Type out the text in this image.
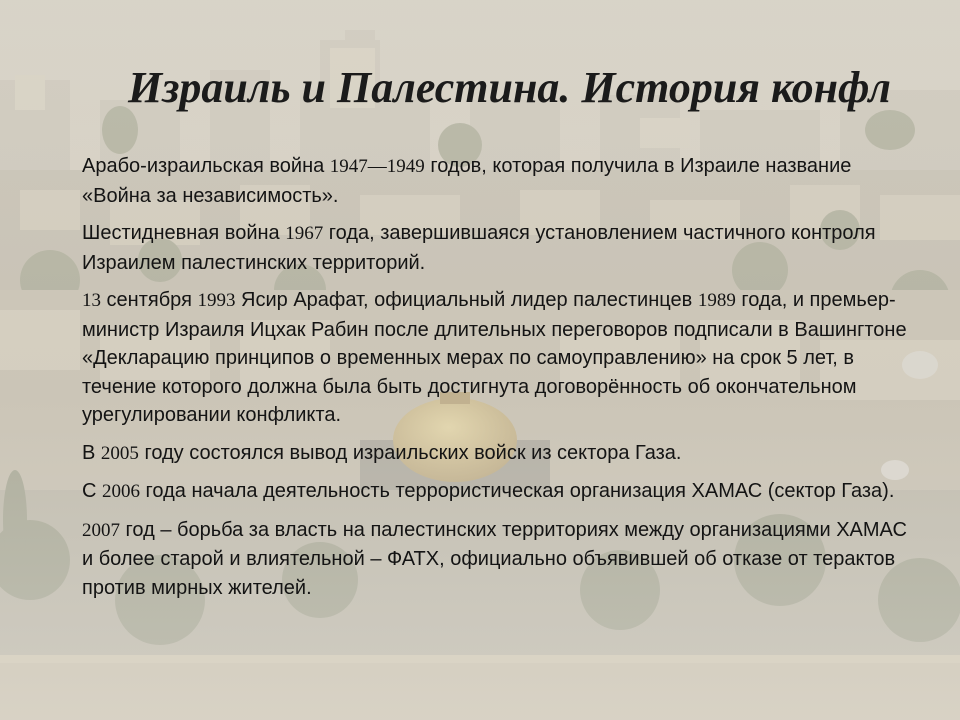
Израиль и Палестина. История конфл
Арабо-израильская война 1947—1949 годов, которая получила в Израиле название «Война за независимость».
Шестидневная война 1967 года, завершившаяся установлением частичного контроля Израилем палестинских территорий.
13 сентября 1993 Ясир Арафат, официальный лидер палестинцев 1989 года, и премьер-министр Израиля Ицхак Рабин после длительных переговоров подписали в Вашингтоне «Декларацию принципов о временных мерах по самоуправлению» на срок 5 лет, в течение которого должна была быть достигнута договорённость об окончательном урегулировании конфликта.
В 2005 году состоялся вывод израильских войск из сектора Газа.
С 2006 года начала деятельность террористическая организация ХАМАС (сектор Газа).
2007 год – борьба за власть на палестинских территориях между организациями ХАМАС и более старой и влиятельной – ФАТХ, официально объявившей об отказе от терактов против мирных жителей.
